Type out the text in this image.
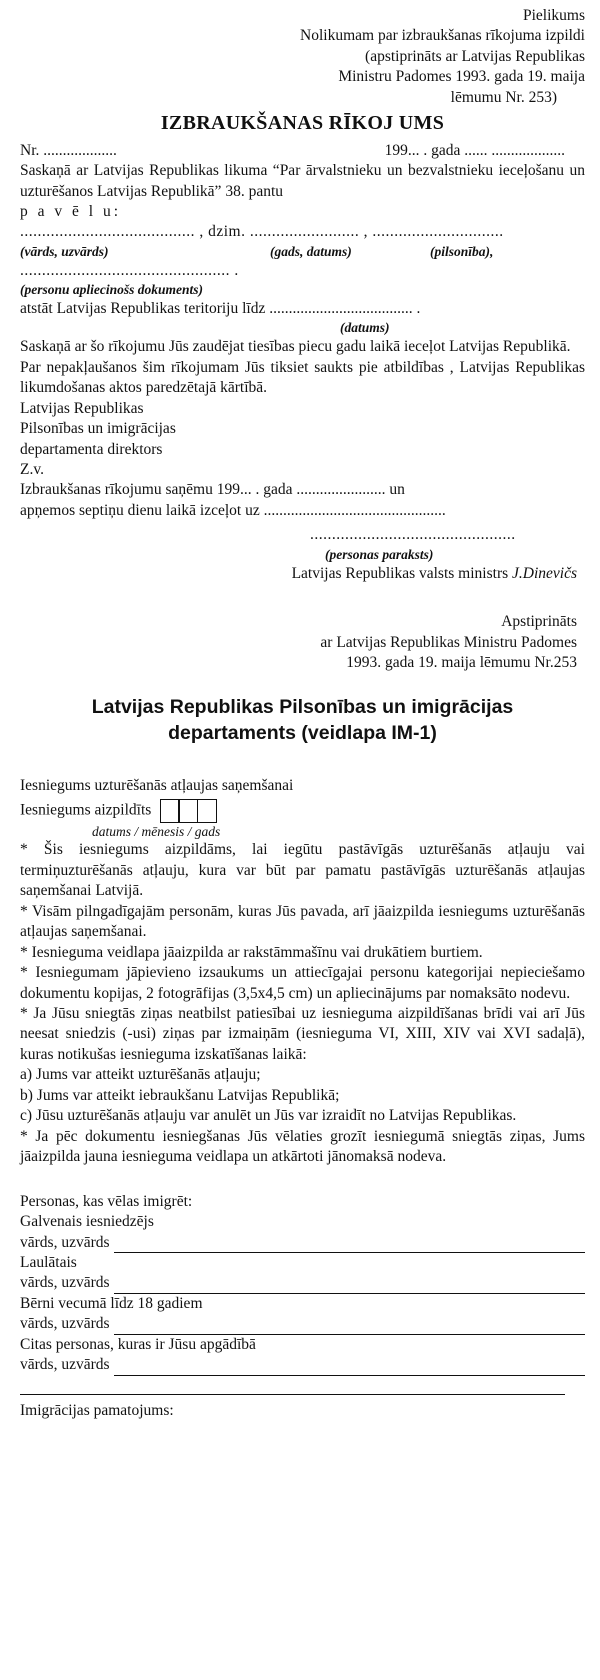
Pielikums
Nolikumam par izbraukšanas rīkojuma izpildi
(apstiprināts ar Latvijas Republikas
Ministru Padomes 1993. gada 19. maija
lēmumu Nr. 253)
IZBRAUKŠANAS RĪKOJ UMS
Nr. ...................	199... . gada ...... ...................
Saskaņā ar Latvijas Republikas likuma “Par ārvalstnieku un bezvalstnieku ieceļošanu un uzturēšanos Latvijas Republikā” 38. pantu
p a v ē l u:
........................................ , dzim. ......................... , ..............................
(vārds, uzvārds)	(gads, datums)	(pilsonība),
................................................ .
(personu apliecinošs dokuments)
atstāt Latvijas Republikas teritoriju līdz ..................................... .
(datums)
Saskaņā ar šo rīkojumu Jūs zaudējat tiesības piecu gadu laikā ieceļot Latvijas Republikā.
Par nepakļaušanos šim rīkojumam Jūs tiksiet saukts pie atbildības , Latvijas Republikas likumdošanas aktos paredzētajā kārtībā.
Latvijas Republikas
Pilsonības un imigrācijas
departamenta direktors
Z.v.
Izbraukšanas rīkojumu saņēmu 199... . gada ....................... un
apņemos septiņu dienu laikā izceļot uz ...............................................
...............................................
(personas paraksts)
Latvijas Republikas valsts ministrs J.Dinevičs
Apstiprināts
ar Latvijas Republikas Ministru Padomes
1993. gada 19. maija lēmumu Nr.253
Latvijas Republikas Pilsonības un imigrācijas
departaments (veidlapa IM-1)
Iesniegums uzturēšanās atļaujas saņemšanai
Iesniegums aizpildīts
datums / mēnesis / gads
* Šis iesniegums aizpildāms, lai iegūtu pastāvīgās uzturēšanās atļauju vai termiņuzturēšanās atļauju, kura var būt par pamatu pastāvīgās uzturēšanās atļaujas saņemšanai Latvijā.
* Visām pilngadīgajām personām, kuras Jūs pavada, arī jāaizpilda iesniegums uzturēšanās atļaujas saņemšanai.
* Iesnieguma veidlapa jāaizpilda ar rakstāmmašīnu vai drukātiem burtiem.
* Iesniegumam jāpievieno izsaukums un attiecīgajai personu kategorijai nepieciešamo dokumentu kopijas, 2 fotogrāfijas (3,5x4,5 cm) un apliecinājums par nomaksāto nodevu.
* Ja Jūsu sniegtās ziņas neatbilst patiesībai uz iesnieguma aizpildīšanas brīdi vai arī Jūs neesat sniedzis (-usi) ziņas par izmaiņām (iesnieguma VI, XIII, XIV vai XVI sadaļā), kuras notikušas iesnieguma izskatīšanas laikā:
a) Jums var atteikt uzturēšanās atļauju;
b) Jums var atteikt iebraukšanu Latvijas Republikā;
c) Jūsu uzturēšanās atļauju var anulēt un Jūs var izraidīt no Latvijas Republikas.
* Ja pēc dokumentu iesniegšanas Jūs vēlaties grozīt iesniegumā sniegtās ziņas, Jums jāaizpilda jauna iesnieguma veidlapa un atkārtoti jānomaksā nodeva.
Personas, kas vēlas imigrēt:
Galvenais iesniedzējs
vārds, uzvārds
Laulātais
vārds, uzvārds
Bērni vecumā līdz 18 gadiem
vārds, uzvārds
Citas personas, kuras ir Jūsu apgādībā
vārds, uzvārds
Imigrācijas pamatojums:
